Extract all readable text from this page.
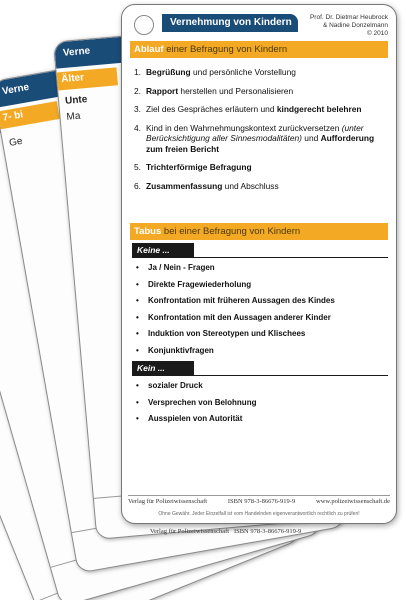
Verne
7- bi
Ge
Verne
Älter
Unte
Ma
Verlag für Polizeiwissenschaft ISBN 978-3-86676-919-9
Vernehmung von Kindern	Prof. Dr. Dietmar Heubrock
& Nadine Donzelmann
© 2010
Ablauf einer Befragung von Kindern
1. Begrüßung und persönliche Vorstellung
2. Rapport herstellen und Personalisieren
3. Ziel des Gespräches erläutern und kindgerecht belehren
4. Kind in den Wahrnehmungskontext zurückversetzen (unter Berücksichtigung aller Sinnesmodalitäten) und Aufforderung zum freien Bericht
5. Trichterförmige Befragung
6. Zusammenfassung und Abschluss
Tabus bei einer Befragung von Kindern
Keine ...
•	Ja / Nein - Fragen
•	Direkte Fragewiederholung
•	Konfrontation mit früheren Aussagen des Kindes
•	Konfrontation mit den Aussagen anderer Kinder
•	Induktion von Stereotypen und Klischees
•	Konjunktivfragen
Kein ...
•	sozialer Druck
•	Versprechen von Belohnung
•	Ausspielen von Autorität
Verlag für Polizeiwissenschaft	ISBN 978-3-86676-919-9	www.polizeiwissenschaft.de
Ohne Gewähr. Jeder Einzelfall ist vom Handelnden eigenverantwortlich rechtlich zu prüfen!
